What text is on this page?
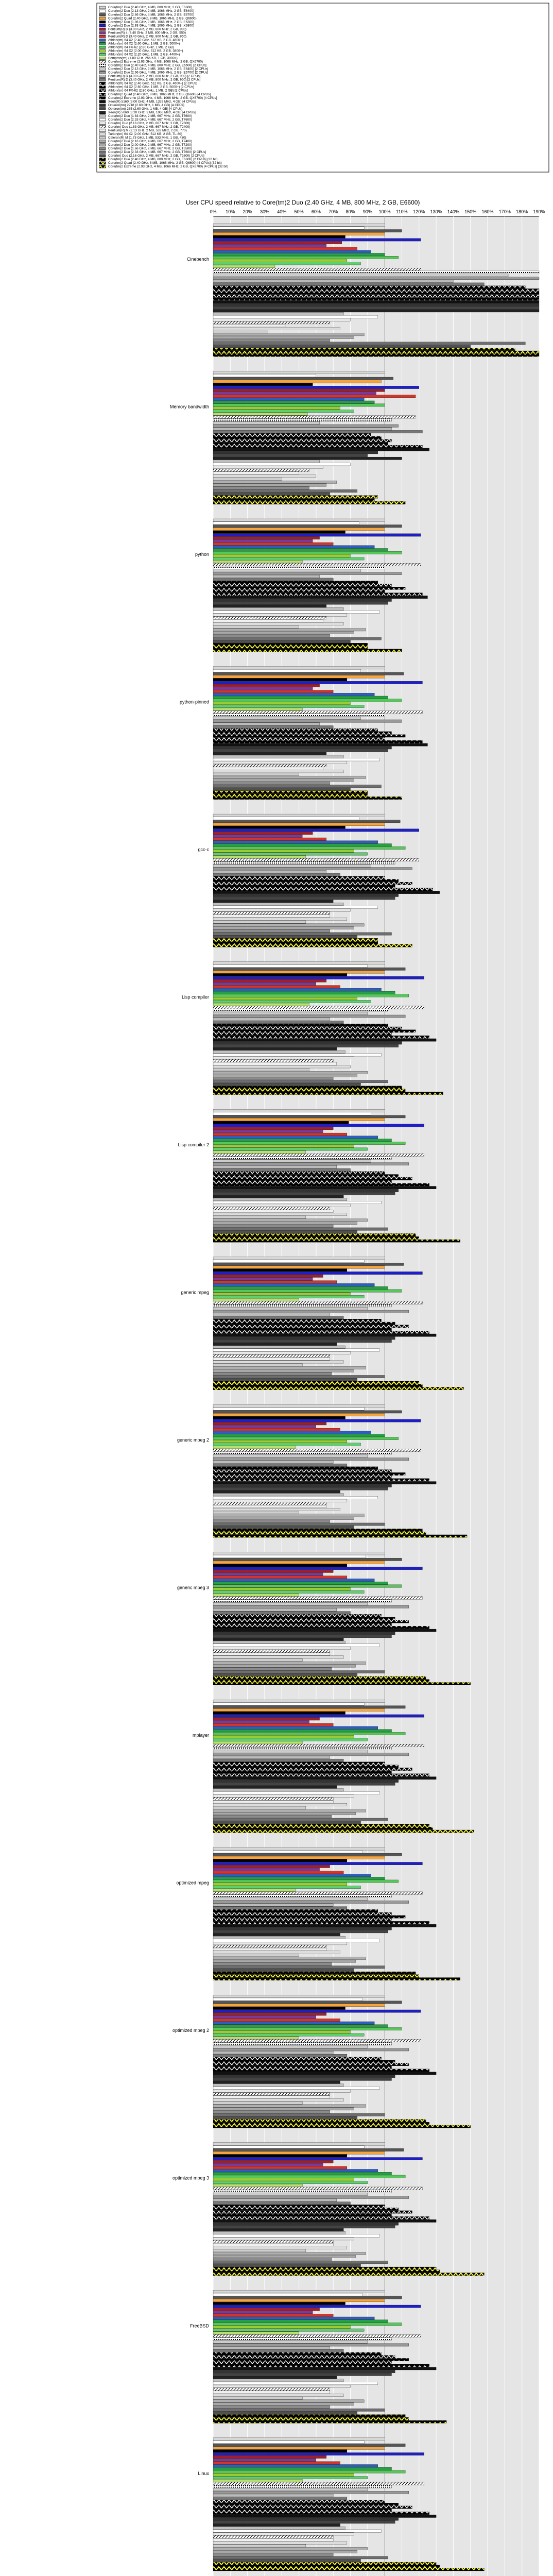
Core(tm)2 Duo (2.40 GHz, 4 MB, 800 MHz, 2 GB, E6600)
Core(tm)2 Duo (2.13 GHz, 2 MB, 1066 MHz, 2 GB, E6400)
Core(tm)2 Duo (2.66 GHz, 4 MB, 1066 MHz, 2 GB, E6700)
Core(tm)2 Quad (2.40 GHz, 8 MB, 1066 MHz, 2 GB, Q6600)
Core(tm)2 Duo (1.86 GHz, 2 MB, 1066 MHz, 2 GB, E6300)
Core(tm)2 Duo (2.93 GHz, 4 MB, 1066 MHz, 2 GB, X6800)
Pentium(R) D (3.00 GHz, 2 MB, 800 MHz, 2 GB, 930)
Pentium(R) 4 (3.40 GHz, 2 MB, 800 MHz, 2 GB, 550)
Pentium(R) D (3.40 GHz, 2 MB, 800 MHz, 2 GB, 950)
Athlon(tm) 64 X2 (2.40 GHz, 512 KB, 2 GB, 4600+)
Athlon(tm) 64 X2 (2.60 GHz, 1 MB, 2 GB, 5000+)
Athlon(tm) 64 FX-62 (2.80 GHz, 1 MB, 2 GB)
Athlon(tm) 64 X2 (2.00 GHz, 512 KB, 2 GB, 3800+)
Athlon(tm) 64 X2 (2.20 GHz, 1 MB, 2 GB, 4400+)
Sempron(tm) (1.80 GHz, 256 KB, 1 GB, 3000+)
Core(tm)2 Extreme (2.93 GHz, 4 MB, 1066 MHz, 2 GB, QX6700)
Core(tm)2 Duo (2.40 GHz, 4 MB, 800 MHz, 2 GB, E6600) [2 CPUs]
Core(tm)2 Duo (2.13 GHz, 2 MB, 1066 MHz, 2 GB, E6400) [2 CPUs]
Core(tm)2 Duo (2.66 GHz, 4 MB, 1066 MHz, 2 GB, E6700) [2 CPUs]
Pentium(R) D (3.00 GHz, 2 MB, 800 MHz, 2 GB, 930) [2 CPUs]
Pentium(R) D (3.40 GHz, 2 MB, 800 MHz, 2 GB, 950) [2 CPUs]
Athlon(tm) 64 X2 (2.40 GHz, 512 KB, 2 GB, 4600+) [2 CPUs]
Athlon(tm) 64 X2 (2.60 GHz, 1 MB, 2 GB, 5000+) [2 CPUs]
Athlon(tm) 64 FX-62 (2.80 GHz, 1 MB, 2 GB) [2 CPUs]
Core(tm)2 Quad (2.40 GHz, 8 MB, 1066 MHz, 2 GB, Q6600) [4 CPUs]
Core(tm)2 Extreme (2.93 GHz, 4 MB, 1066 MHz, 2 GB, QX6700) [4 CPUs]
Xeon(R) 5160 (3.00 GHz, 4 MB, 1333 MHz, 4 GB) [4 CPUs]
Opteron(tm) 2218 (2.60 GHz, 1 MB, 4 GB) [4 CPUs]
Opteron(tm) 285 (2.60 GHz, 1 MB, 4 GB) [4 CPUs]
Xeon(R) 5060 (3.20 GHz, 2 MB, 1066 MHz, 4 GB) [4 CPUs]
Core(tm)2 Duo (1.83 GHz, 2 MB, 667 MHz, 2 GB, T5600)
Core(tm)2 Duo (2.33 GHz, 4 MB, 667 MHz, 2 GB, T7600)
Core(tm) Duo (2.16 GHz, 2 MB, 667 MHz, 2 GB, T2600)
Core(tm) Duo (1.83 GHz, 2 MB, 667 MHz, 2 GB, T2400)
Pentium(R) M (2.13 GHz, 2 MB, 533 MHz, 2 GB, 770)
Turion(tm) 64 X2 (2.00 GHz, 512 KB, 2 GB, TL-60)
Celeron(R) M (1.73 GHz, 1 MB, 533 MHz, 1 GB, 430)
Core(tm)2 Duo (2.16 GHz, 4 MB, 667 MHz, 2 GB, T7400)
Core(tm)2 Duo (2.00 GHz, 2 MB, 667 MHz, 2 GB, T7200)
Core(tm)2 Duo (1.66 GHz, 2 MB, 667 MHz, 2 GB, T5500)
Core(tm)2 Duo (2.33 GHz, 4 MB, 667 MHz, 2 GB, T7600) [2 CPUs]
Core(tm) Duo (2.16 GHz, 2 MB, 667 MHz, 2 GB, T2600) [2 CPUs]
Core(tm)2 Duo (2.40 GHz, 4 MB, 800 MHz, 2 GB, E6600) [2 CPUs] (32 bit)
Core(tm)2 Quad (2.40 GHz, 8 MB, 1066 MHz, 2 GB, Q6600) [4 CPUs] (32 bit)
Core(tm)2 Extreme (2.93 GHz, 4 MB, 1066 MHz, 2 GB, QX6700) [4 CPUs] (32 bit)
User CPU speed relative to Core(tm)2 Duo (2.40 GHz, 4 MB, 800 MHz, 2 GB, E6600)
0% 10% 20% 30% 40% 50% 60% 70% 80% 90% 100% 110% 120% 130% 140% 150% 160% 170% 180% 190%
Cinebench
Memory bandwidth
python
python-pinned
gcc-c
Lisp compiler
Lisp compiler 2
generic mpeg
generic mpeg 2
generic mpeg 3
mplayer
optimized mpeg
optimized mpeg 2
optimized mpeg 3
FreeBSD
Linux
